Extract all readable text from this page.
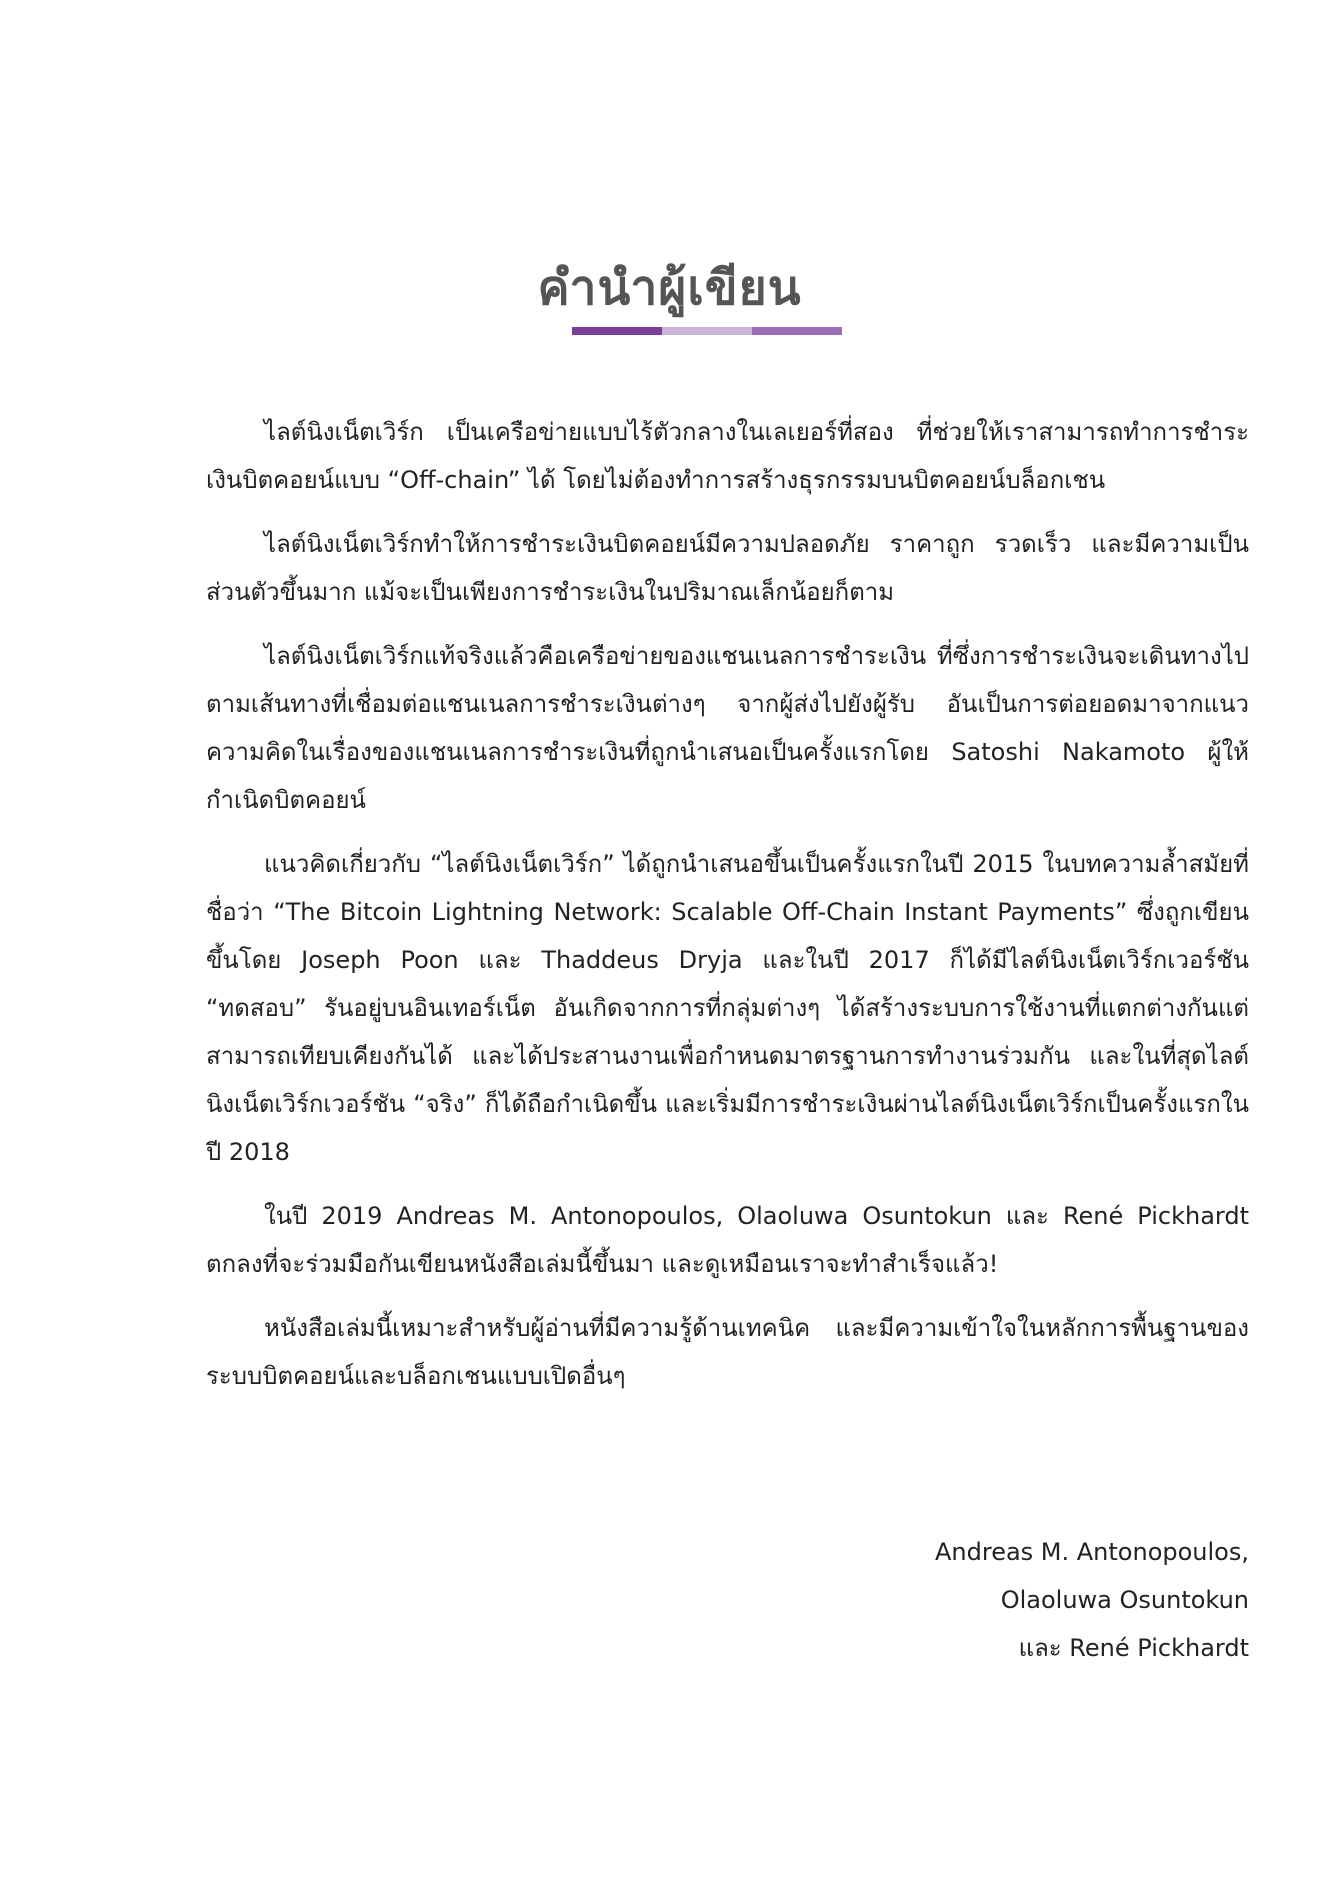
คำนำผู้เขียน

ไลต์นิงเน็ตเวิร์ก เป็นเครือข่ายแบบไร้ตัวกลางในเลเยอร์ที่สอง ที่ช่วยให้เราสามารถทำการชำระเงินบิตคอยน์แบบ “Off-chain” ได้ โดยไม่ต้องทำการสร้างธุรกรรมบนบิตคอยน์บล็อกเชน

ไลต์นิงเน็ตเวิร์กทำให้การชำระเงินบิตคอยน์มีความปลอดภัย ราคาถูก รวดเร็ว และมีความเป็นส่วนตัวขึ้นมาก แม้จะเป็นเพียงการชำระเงินในปริมาณเล็กน้อยก็ตาม

ไลต์นิงเน็ตเวิร์กแท้จริงแล้วคือเครือข่ายของแชนเนลการชำระเงิน ที่ซึ่งการชำระเงินจะเดินทางไปตามเส้นทางที่เชื่อมต่อแชนเนลการชำระเงินต่างๆ จากผู้ส่งไปยังผู้รับ อันเป็นการต่อยอดมาจากแนวความคิดในเรื่องของแชนเนลการชำระเงินที่ถูกนำเสนอเป็นครั้งแรกโดย Satoshi Nakamoto ผู้ให้กำเนิดบิตคอยน์

แนวคิดเกี่ยวกับ “ไลต์นิงเน็ตเวิร์ก” ได้ถูกนำเสนอขึ้นเป็นครั้งแรกในปี 2015 ในบทความล้ำสมัยที่ชื่อว่า “The Bitcoin Lightning Network: Scalable Off-Chain Instant Payments” ซึ่งถูกเขียนขึ้นโดย Joseph Poon และ Thaddeus Dryja และในปี 2017 ก็ได้มีไลต์นิงเน็ตเวิร์กเวอร์ชัน “ทดสอบ” รันอยู่บนอินเทอร์เน็ต อันเกิดจากการที่กลุ่มต่างๆ ได้สร้างระบบการใช้งานที่แตกต่างกันแต่สามารถเทียบเคียงกันได้ และได้ประสานงานเพื่อกำหนดมาตรฐานการทำงานร่วมกัน และในที่สุดไลต์นิงเน็ตเวิร์กเวอร์ชัน “จริง” ก็ได้ถือกำเนิดขึ้น และเริ่มมีการชำระเงินผ่านไลต์นิงเน็ตเวิร์กเป็นครั้งแรกในปี 2018

ในปี 2019 Andreas M. Antonopoulos, Olaoluwa Osuntokun และ René Pickhardt ตกลงที่จะร่วมมือกันเขียนหนังสือเล่มนี้ขึ้นมา และดูเหมือนเราจะทำสำเร็จแล้ว!

หนังสือเล่มนี้เหมาะสำหรับผู้อ่านที่มีความรู้ด้านเทคนิค และมีความเข้าใจในหลักการพื้นฐานของระบบบิตคอยน์และบล็อกเชนแบบเปิดอื่นๆ

Andreas M. Antonopoulos,
Olaoluwa Osuntokun
และ René Pickhardt
